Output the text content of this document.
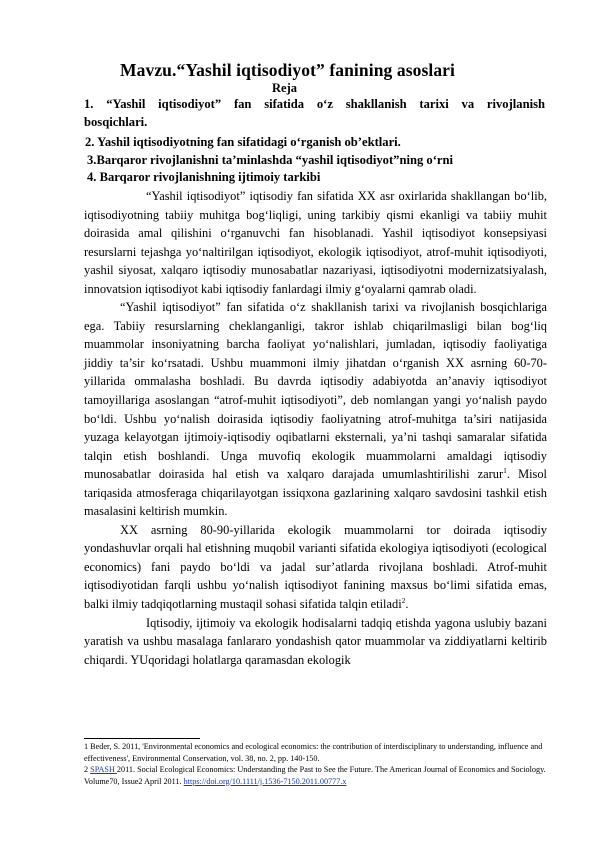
Mavzu.“Yashil iqtisodiyot” fanining asoslari
Reja
1. “Yashil iqtisodiyot” fan sifatida o‘z shakllanish tarixi va rivojlanish
bosqichlari.
2. Yashil iqtisodiyotning fan sifatidagi o‘rganish ob’ektlari.
3.Barqaror rivojlanishni ta’minlashda “yashil iqtisodiyot”ning o‘rni
4. Barqaror rivojlanishning ijtimoiy tarkibi

“Yashil iqtisodiyot” iqtisodiy fan sifatida XX asr oxirlarida shakllangan bo‘lib, iqtisodiyotning tabiiy muhitga bog‘liqligi, uning tarkibiy qismi ekanligi va tabiiy muhit doirasida amal qilishini o‘rganuvchi fan hisoblanadi. Yashil iqtisodiyot konsepsiyasi resurslarni tejashga yo‘naltirilgan iqtisodiyot, ekologik iqtisodiyot, atrof-muhit iqtisodiyoti, yashil siyosat, xalqaro iqtisodiy munosabatlar nazariyasi, iqtisodiyotni modernizatsiyalash, innovatsion iqtisodiyot kabi iqtisodiy fanlardagi ilmiy g‘oyalarni qamrab oladi.

“Yashil iqtisodiyot” fan sifatida o‘z shakllanish tarixi va rivojlanish bosqichlariga ega. Tabiiy resurslarning cheklanganligi, takror ishlab chiqarilmasligi bilan bog‘liq muammolar insoniyatning barcha faoliyat yo‘nalishlari, jumladan, iqtisodiy faoliyatiga jiddiy ta’sir ko‘rsatadi. Ushbu muammoni ilmiy jihatdan o‘rganish XX asrning 60-70-yillarida ommalasha boshladi. Bu davrda iqtisodiy adabiyotda an’anaviy iqtisodiyot tamoyillariga asoslangan “atrof-muhit iqtisodiyoti”, deb nomlangan yangi yo‘nalish paydo bo‘ldi. Ushbu yo‘nalish doirasida iqtisodiy faoliyatning atrof-muhitga ta’siri natijasida yuzaga kelayotgan ijtimoiy-iqtisodiy oqibatlarni eksternali, ya’ni tashqi samaralar sifatida talqin etish boshlandi. Unga muvofiq ekologik muammolarni amaldagi iqtisodiy munosabatlar doirasida hal etish va xalqaro darajada umumlashtirilishi zarur$^1$. Misol tariqasida atmosferaga chiqarilayotgan issiqxona gazlarining xalqaro savdosini tashkil etish masalasini keltirish mumkin.

XX asrning 80-90-yillarida ekologik muammolarni tor doirada iqtisodiy yondashuvlar orqali hal etishning muqobil varianti sifatida ekologiya iqtisodiyoti (ecological economics) fani paydo bo‘ldi va jadal sur’atlarda rivojlana boshladi. Atrof-muhit iqtisodiyotidan farqli ushbu yo‘nalish iqtisodiyot fanining maxsus bo‘limi sifatida emas, balki ilmiy tadqiqotlarning mustaqil sohasi sifatida talqin etiladi$^2$.

Iqtisodiy, ijtimoiy va ekologik hodisalarni tadqiq etishda yagona uslubiy bazani yaratish va ushbu masalaga fanlararo yondashish qator muammolar va ziddiyatlarni keltirib chiqardi. YUqoridagi holatlarga qaramasdan ekologik

1 Beder, S. 2011, 'Environmental economics and ecological economics: the contribution of interdisciplinary to understanding, influence and effectiveness', Environmental Conservation, vol. 38, no. 2, pp. 140-150.

2 SPASH 2011. Social Ecological Economics: Understanding the Past to See the Future. The American Journal of Economics and Sociology. Volume70, Issue2 April 2011. https://doi.org/10.1111/j.1536-7150.2011.00777.x
